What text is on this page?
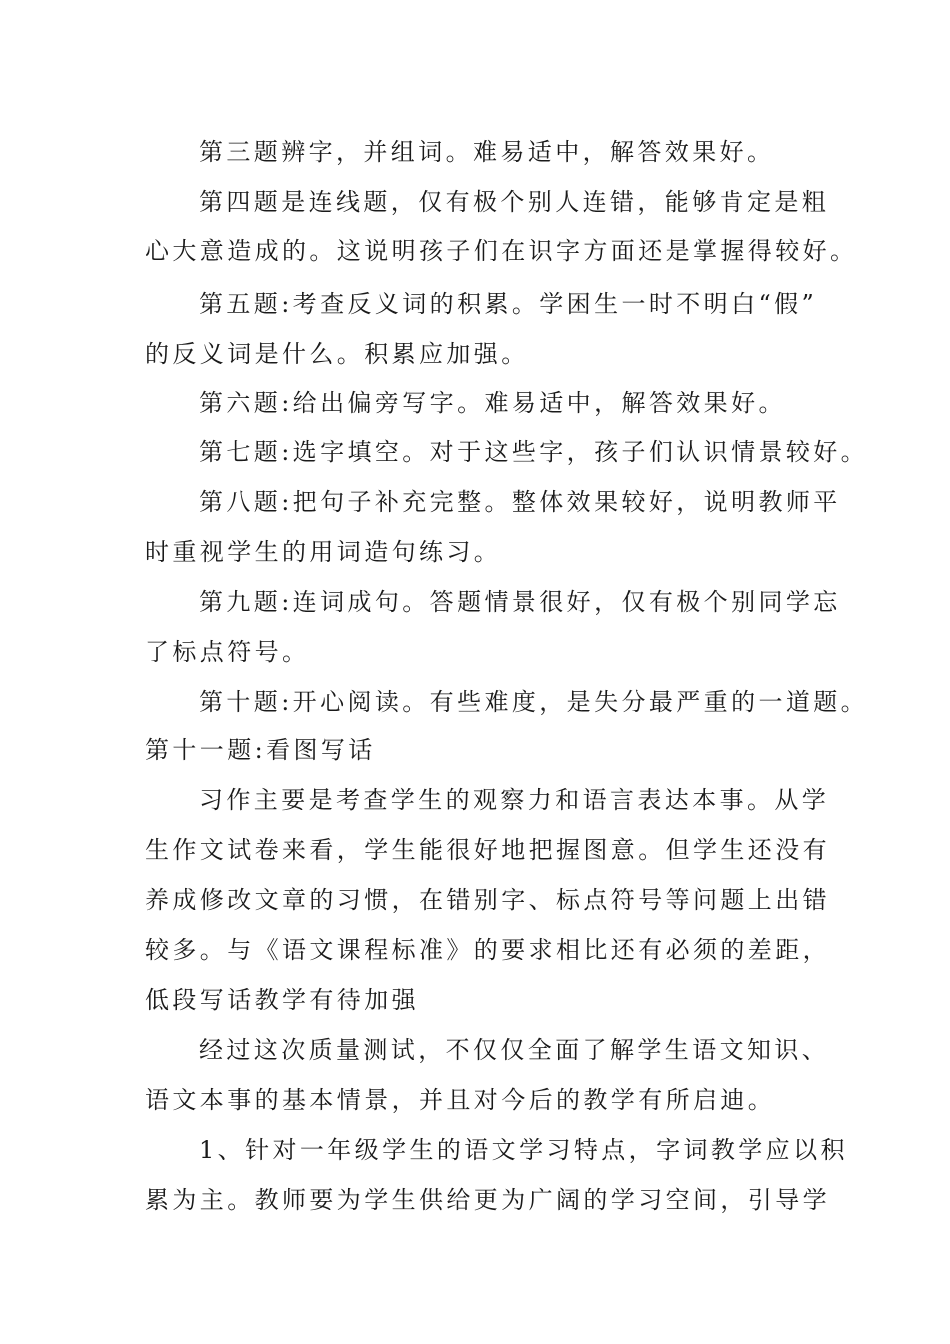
第三题辨字，并组词。难易适中，解答效果好。
第四题是连线题，仅有极个别人连错，能够肯定是粗
心大意造成的。这说明孩子们在识字方面还是掌握得较好。
第五题:考查反义词的积累。学困生一时不明白“假”
的反义词是什么。积累应加强。
第六题:给出偏旁写字。难易适中，解答效果好。
第七题:选字填空。对于这些字，孩子们认识情景较好。
第八题:把句子补充完整。整体效果较好，说明教师平
时重视学生的用词造句练习。
第九题:连词成句。答题情景很好，仅有极个别同学忘
了标点符号。
第十题:开心阅读。有些难度，是失分最严重的一道题。
第十一题:看图写话
习作主要是考查学生的观察力和语言表达本事。从学
生作文试卷来看，学生能很好地把握图意。但学生还没有
养成修改文章的习惯，在错别字、标点符号等问题上出错
较多。与《语文课程标准》的要求相比还有必须的差距，
低段写话教学有待加强
经过这次质量测试，不仅仅全面了解学生语文知识、
语文本事的基本情景，并且对今后的教学有所启迪。
1、针对一年级学生的语文学习特点，字词教学应以积
累为主。教师要为学生供给更为广阔的学习空间，引导学
